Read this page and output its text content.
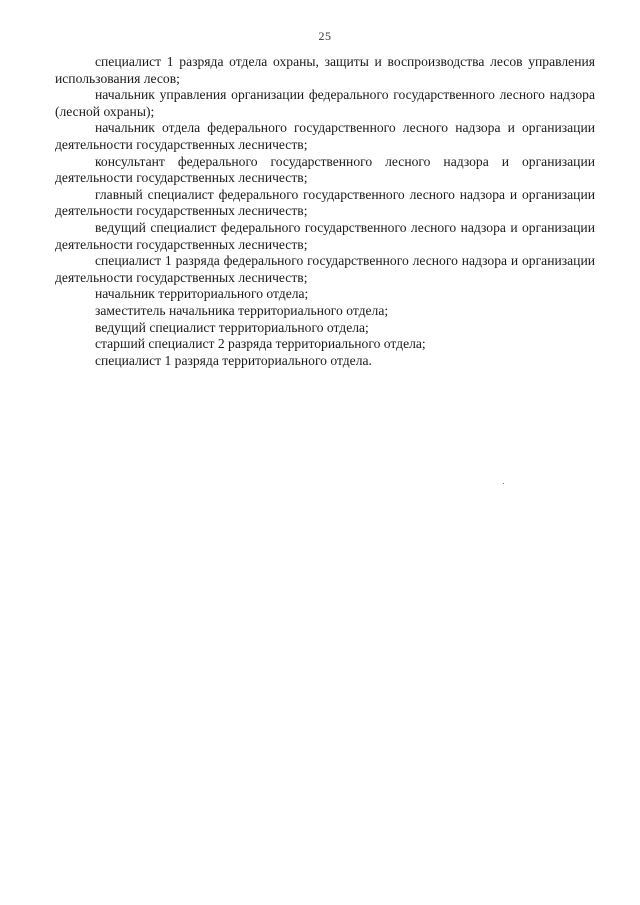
25

специалист 1 разряда отдела охраны, защиты и воспроизводства лесов управления использования лесов;

начальник управления организации федерального государственного лесного надзора (лесной охраны);

начальник отдела федерального государственного лесного надзора и организации деятельности государственных лесничеств;

консультант федерального государственного лесного надзора и организации деятельности государственных лесничеств;

главный специалист федерального государственного лесного надзора и организации деятельности государственных лесничеств;

ведущий специалист федерального государственного лесного надзора и организации деятельности государственных лесничеств;

специалист 1 разряда федерального государственного лесного надзора и организации деятельности государственных лесничеств;

начальник территориального отдела;

заместитель начальника территориального отдела;

ведущий специалист территориального отдела;

старший специалист 2 разряда территориального отдела;

специалист 1 разряда территориального отдела.
